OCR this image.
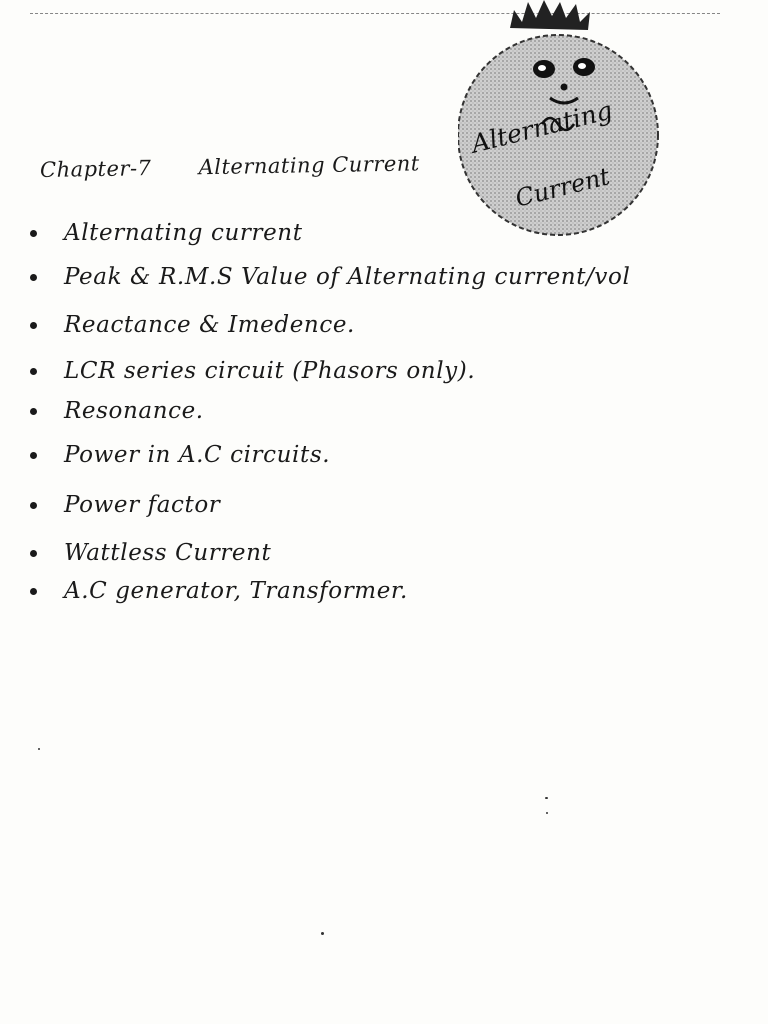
Alternating
Current
Chapter-7 Alternating Current
Alternating current
Peak & R.M.S Value of Alternating current/vol
Reactance & Imedence.
LCR series circuit (Phasors only).
Resonance.
Power in A.C circuits.
Power factor
Wattless Current
A.C generator, Transformer.
